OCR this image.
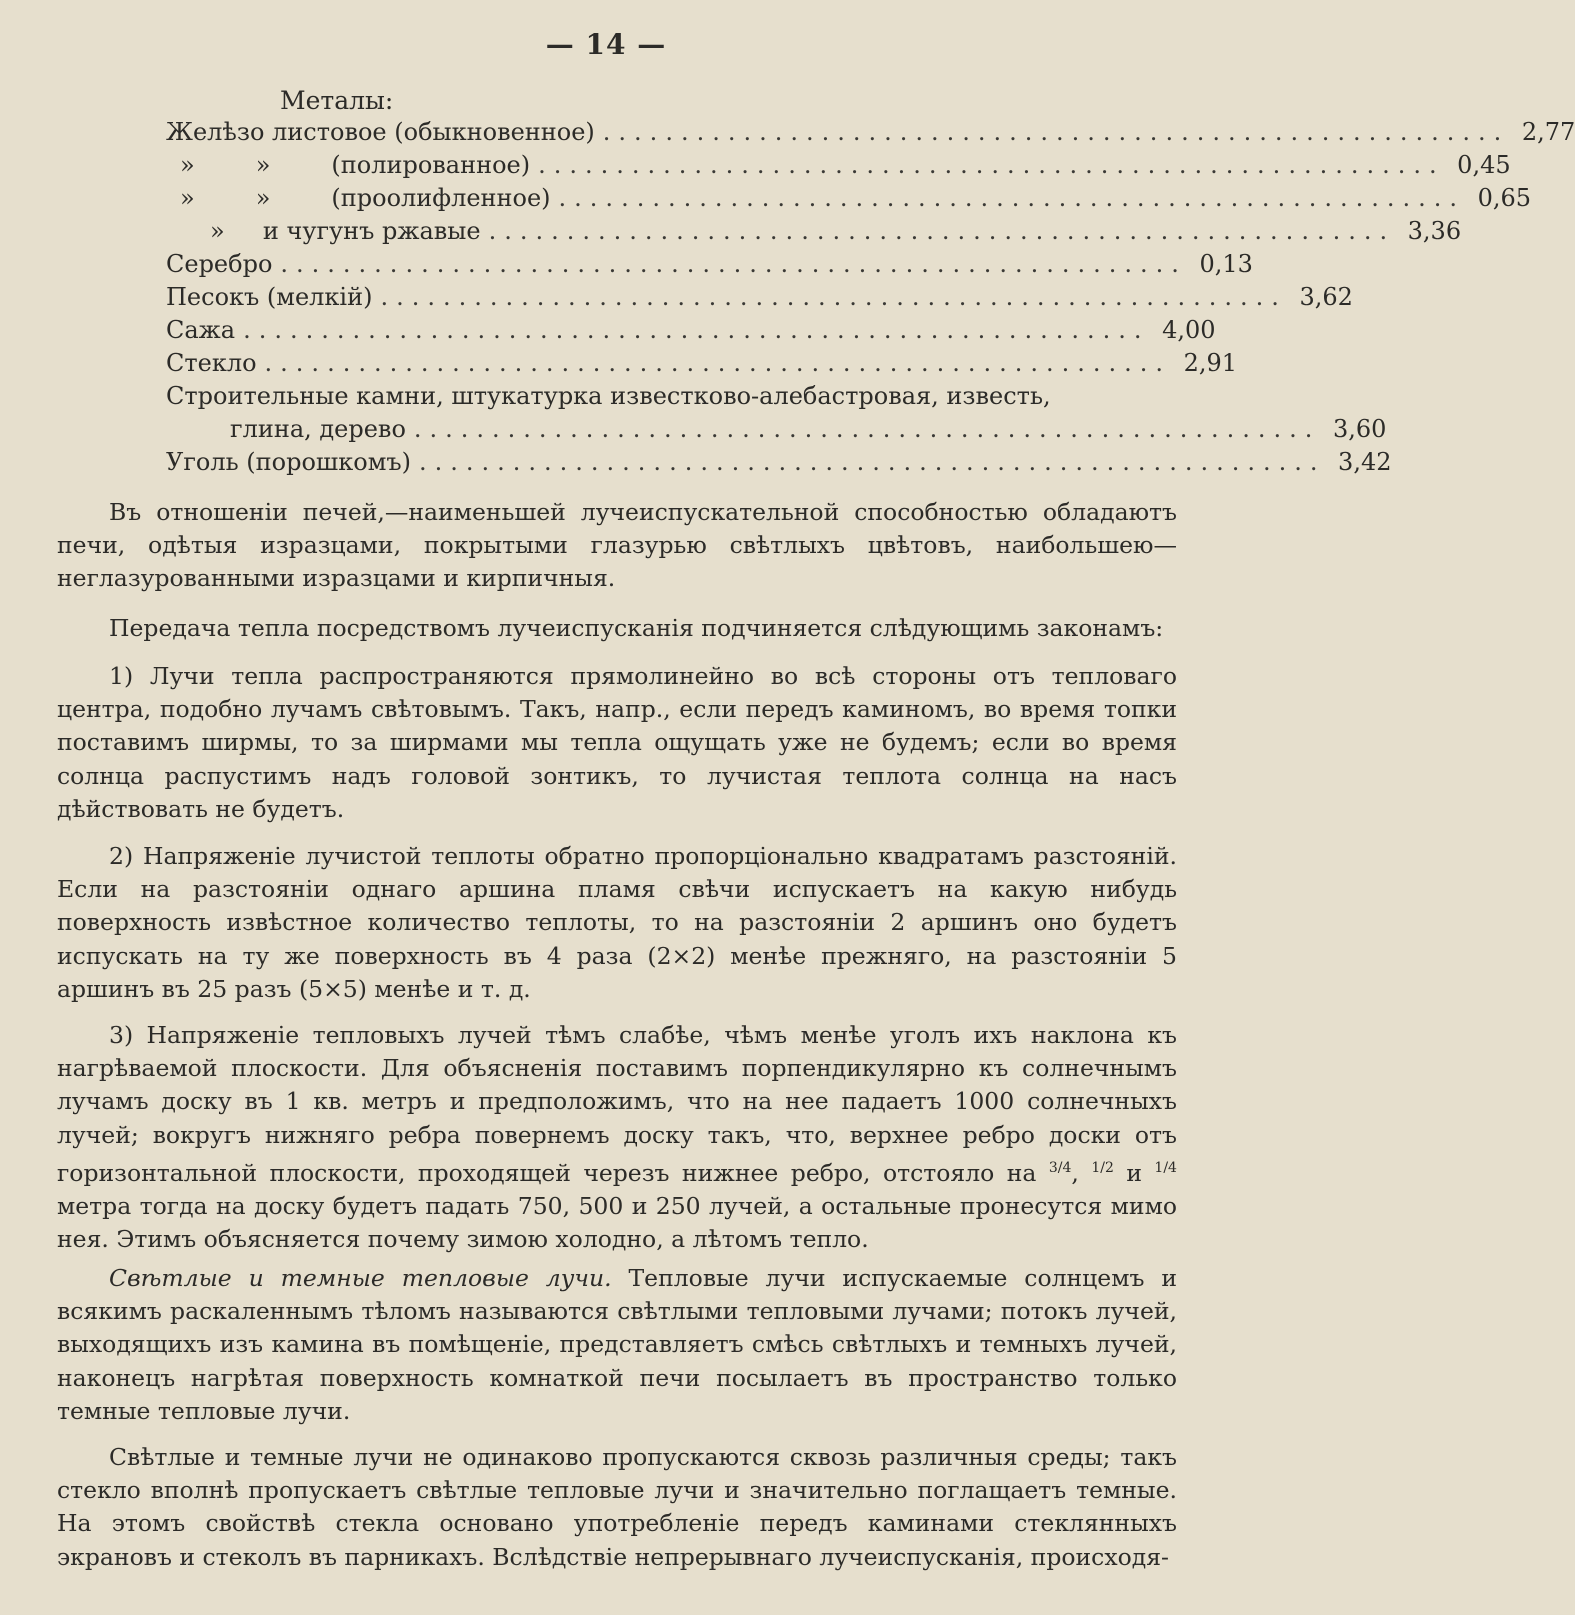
— 14 —
Металы:
Желѣзо листовое (обыкновенное) .......................................................... 2,77
»        »        (полированное) .......................................................... 0,45
»        »        (проолифленное) .......................................................... 0,65
»     и чугунъ ржавые .......................................................... 3,36
Серебро .......................................................... 0,13
Песокъ (мелкій) .......................................................... 3,62
Сажа .......................................................... 4,00
Стекло .......................................................... 2,91
Строительные камни, штукатурка известково-алебастровая, известь,
глина, дерево .......................................................... 3,60
Уголь (порошкомъ) .......................................................... 3,42
Въ отношеніи печей,—наименьшей лучеиспускательной способностью обладаютъ печи, одѣтыя изразцами, покрытыми глазурью свѣтлыхъ цвѣтовъ, наибольшею—неглазурованными изразцами и кирпичныя.
Передача тепла посредствомъ лучеиспусканія подчиняется слѣдующимь законамъ:
1) Лучи тепла распространяются прямолинейно во всѣ стороны отъ тепловаго центра, подобно лучамъ свѣтовымъ. Такъ, напр., если передъ каминомъ, во время топки поставимъ ширмы, то за ширмами мы тепла ощущать уже не будемъ; если во время солнца распустимъ надъ головой зонтикъ, то лучистая теплота солнца на насъ дѣйствовать не будетъ.
2) Напряженіе лучистой теплоты обратно пропорціонально квадратамъ разстояній. Если на разстояніи однаго аршина пламя свѣчи испускаетъ на какую нибудь поверхность извѣстное количество теплоты, то на разстояніи 2 аршинъ оно будетъ испускать на ту же поверхность въ 4 раза (2×2) менѣе прежняго, на разстояніи 5 аршинъ въ 25 разъ (5×5) менѣе и т. д.
3) Напряженіе тепловыхъ лучей тѣмъ слабѣе, чѣмъ менѣе уголъ ихъ наклона къ нагрѣваемой плоскости. Для объясненія поставимъ порпендикулярно къ солнечнымъ лучамъ доску въ 1 кв. метръ и предположимъ, что на нее падаетъ 1000 солнечныхъ лучей; вокругъ нижняго ребра повернемъ доску такъ, что, верхнее ребро доски отъ горизонтальной плоскости, проходящей черезъ нижнее ребро, отстояло на $^{3/4}$, $^{1/2}$ и $^{1/4}$ метра тогда на доску будетъ падать 750, 500 и 250 лучей, а остальные пронесутся мимо нея. Этимъ объясняется почему зимою холодно, а лѣтомъ тепло.
Свѣтлые и темные тепловые лучи. Тепловые лучи испускаемые солнцемъ и всякимъ раскаленнымъ тѣломъ называются свѣтлыми тепловыми лучами; потокъ лучей, выходящихъ изъ камина въ помѣщеніе, представляетъ смѣсь свѣтлыхъ и темныхъ лучей, наконецъ нагрѣтая поверхность комнаткой печи посылаетъ въ пространство только темные тепловые лучи.
Свѣтлые и темные лучи не одинаково пропускаются сквозь различныя среды; такъ стекло вполнѣ пропускаетъ свѣтлые тепловые лучи и значительно поглащаетъ темные. На этомъ свойствѣ стекла основано употребленіе передъ каминами стеклянныхъ экрановъ и стеколъ въ парникахъ. Вслѣдствіе непрерывнаго лучеиспусканія, происходя-
